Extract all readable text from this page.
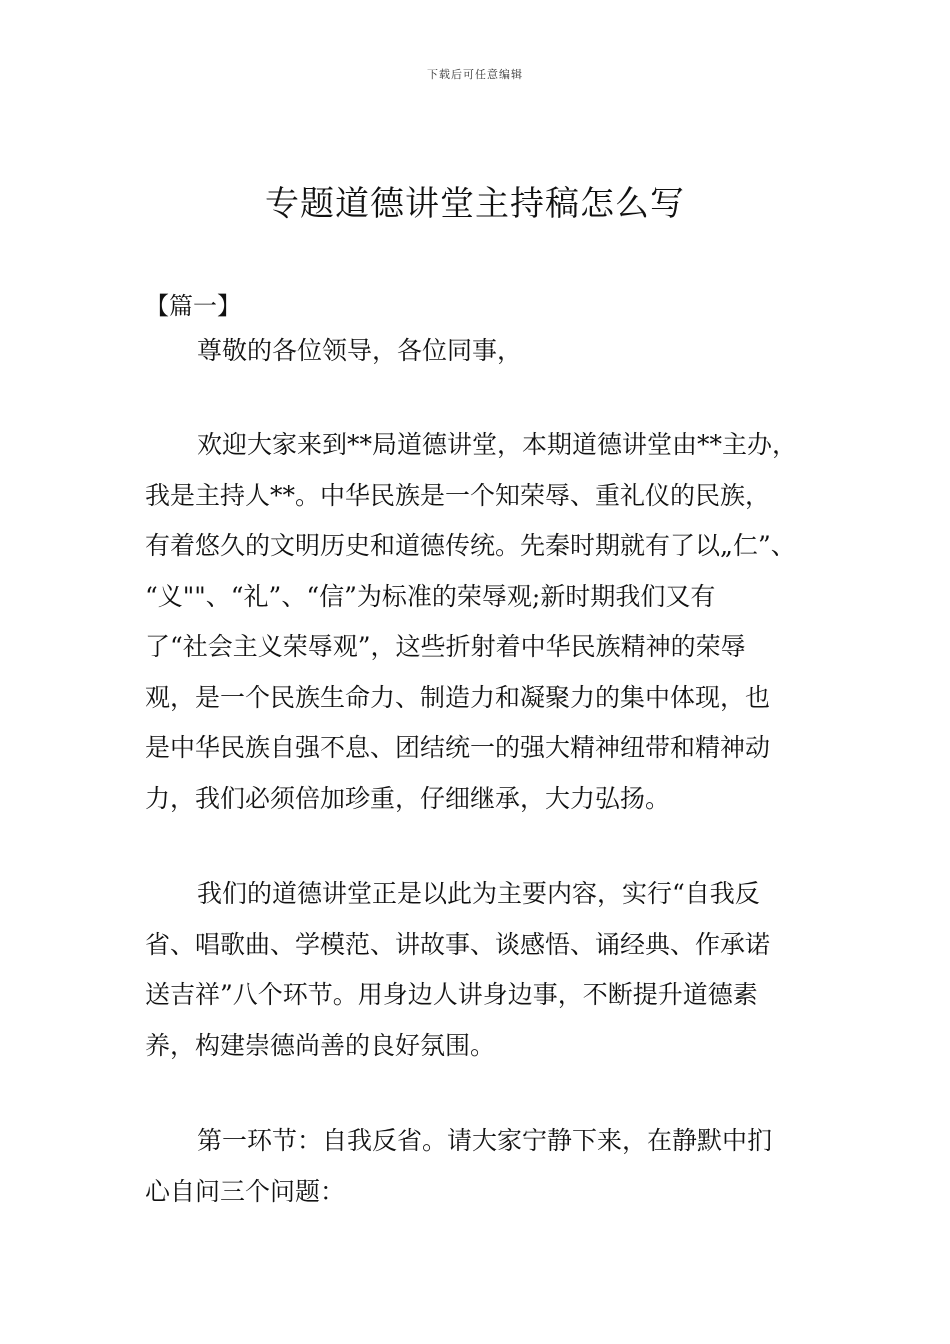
下载后可任意编辑
专题道德讲堂主持稿怎么写
【篇一】
尊敬的各位领导，各位同事，
欢迎大家来到**局道德讲堂，本期道德讲堂由**主办，
我是主持人**。中华民族是一个知荣辱、重礼仪的民族，
有着悠久的文明历史和道德传统。先秦时期就有了以„仁”、
“义""、“礼”、“信”为标准的荣辱观;新时期我们又有
了“社会主义荣辱观”，这些折射着中华民族精神的荣辱
观，是一个民族生命力、制造力和凝聚力的集中体现，也
是中华民族自强不息、团结统一的强大精神纽带和精神动
力，我们必须倍加珍重，仔细继承，大力弘扬。
我们的道德讲堂正是以此为主要内容，实行“自我反
省、唱歌曲、学模范、讲故事、谈感悟、诵经典、作承诺
送吉祥”八个环节。用身边人讲身边事，不断提升道德素
养，构建崇德尚善的良好氛围。
第一环节：自我反省。请大家宁静下来，在静默中扪
心自问三个问题：
